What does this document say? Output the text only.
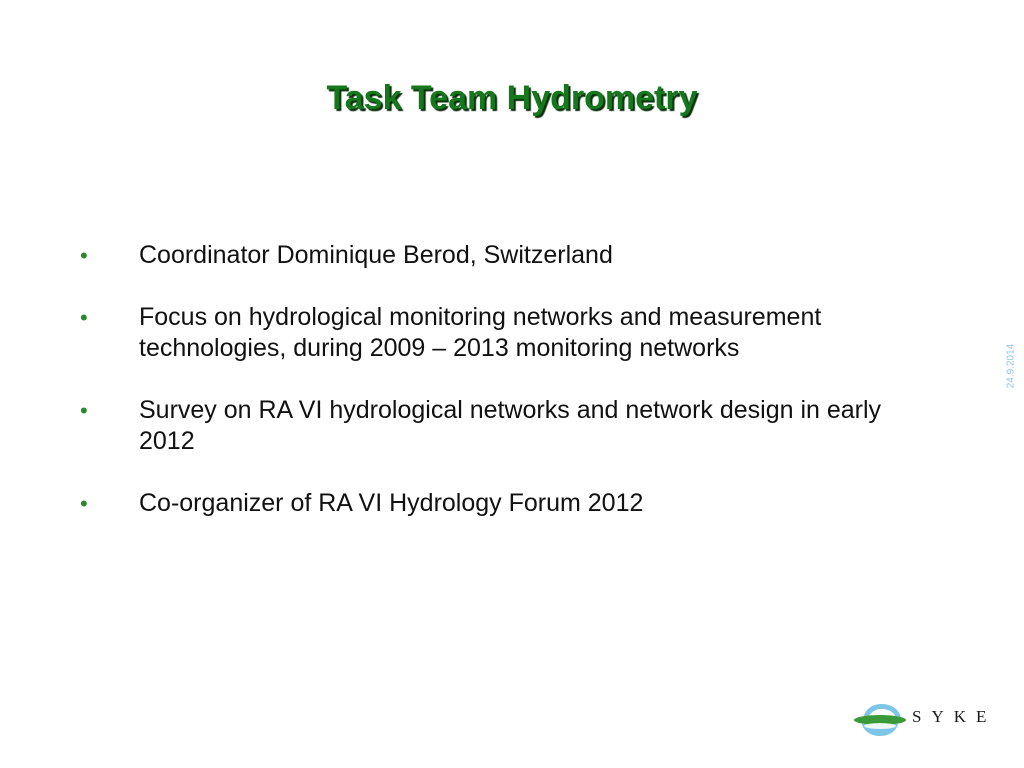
Task Team Hydrometry
•	Coordinator Dominique Berod, Switzerland
•	Focus on hydrological monitoring networks and measurement technologies, during 2009 – 2013 monitoring networks
•	Survey on RA VI hydrological networks and network design in early 2012
•	Co-organizer of RA VI Hydrology Forum 2012
24.9.2014
SYKE
